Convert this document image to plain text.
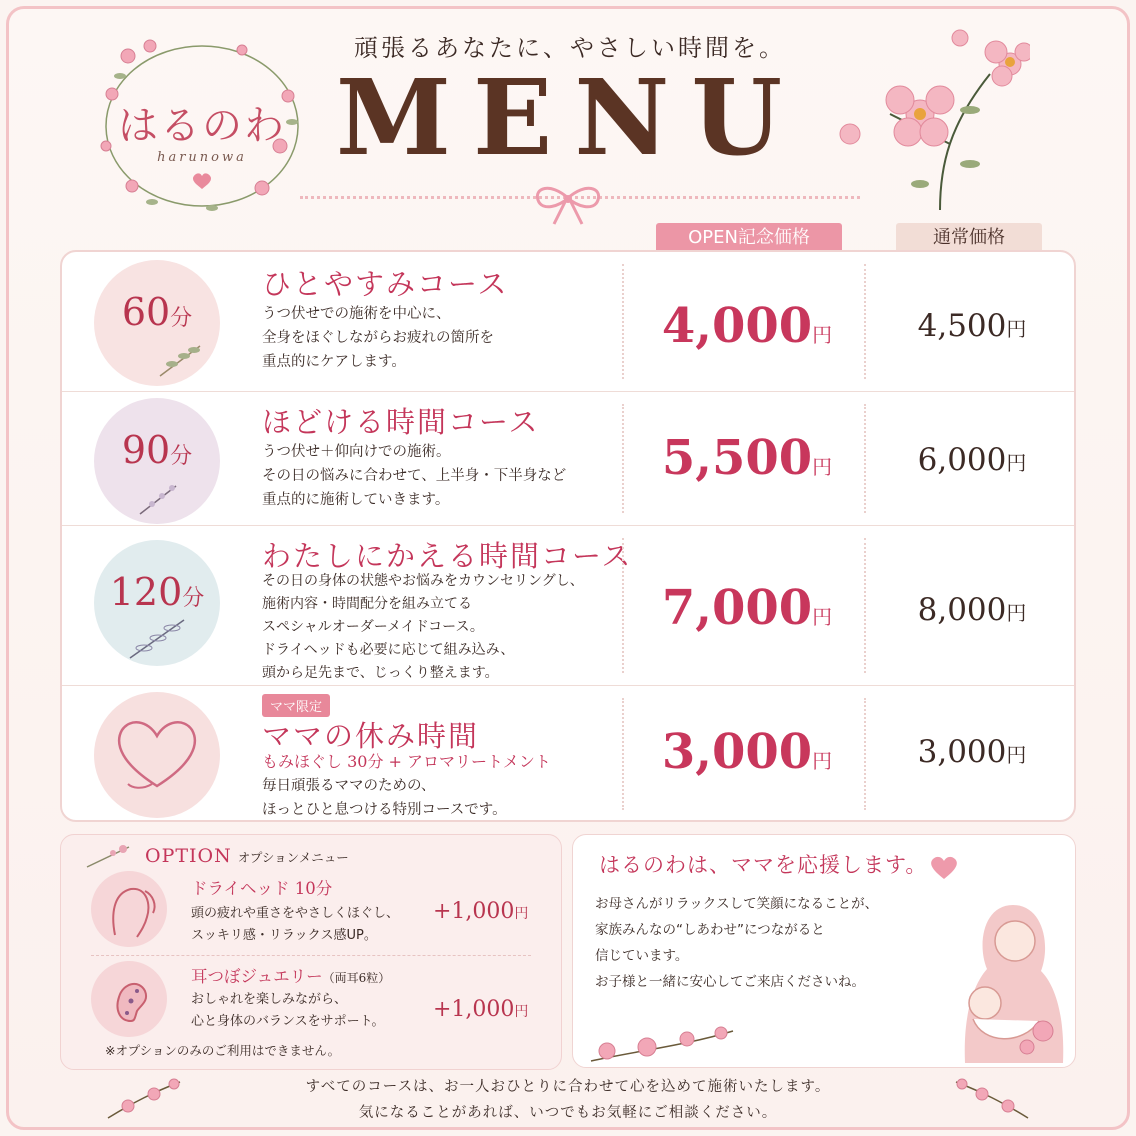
はるのわ
harunowa
頑張るあなたに、やさしい時間を。
MENU
OPEN記念価格	通常価格
60分
ひとやすみコース
うつ伏せでの施術を中心に、
全身をほぐしながらお疲れの箇所を
重点的にケアします。
4,000円	4,500円
90分
ほどける時間コース
うつ伏せ＋仰向けでの施術。
その日の悩みに合わせて、上半身・下半身など
重点的に施術していきます。
5,500円	6,000円
120分
わたしにかえる時間コース
その日の身体の状態やお悩みをカウンセリングし、
施術内容・時間配分を組み立てる
スペシャルオーダーメイドコース。
ドライヘッドも必要に応じて組み込み、
頭から足先まで、じっくり整えます。
7,000円	8,000円
ママ限定
ママの休み時間
もみほぐし 30分 + アロマリートメント
毎日頑張るママのための、
ほっとひと息つける特別コースです。
3,000円	3,000円
OPTION オプションメニュー
ドライヘッド 10分
頭の疲れや重さをやさしくほぐし、
スッキリ感・リラックス感UP。
+1,000円
耳つぼジュエリー（両耳6粒）
おしゃれを楽しみながら、
心と身体のバランスをサポート。 +1,000円
※オプションのみのご利用はできません。
はるのわは、ママを応援します。
お母さんがリラックスして笑顔になることが、
家族みんなの“しあわせ”につながると
信じています。
お子様と一緒に安心してご来店くださいね。
すべてのコースは、お一人おひとりに合わせて心を込めて施術いたします。
気になることがあれば、いつでもお気軽にご相談ください。
